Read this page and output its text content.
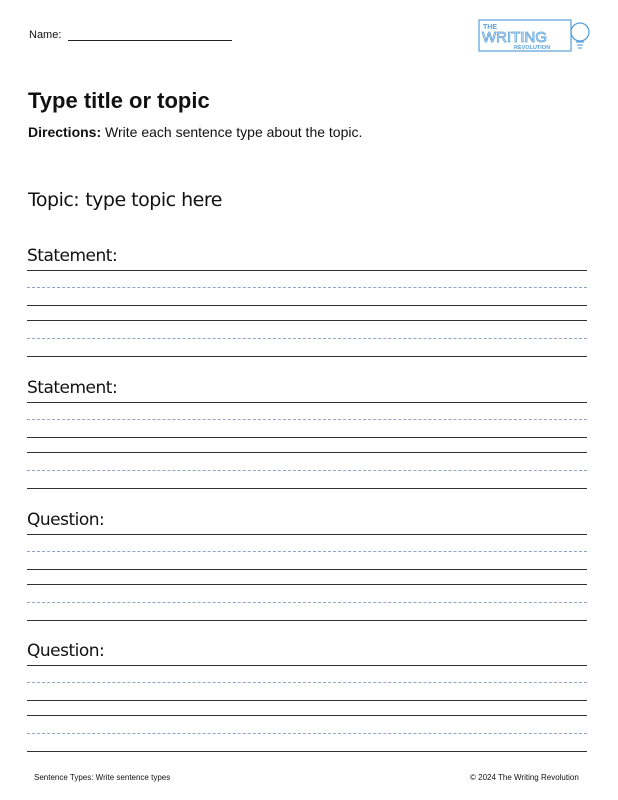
Name:
THE
WRITING
REVOLUTION
Type title or topic
Directions: Write each sentence type about the topic.
Topic: type topic here
Statement:
Statement:
Question:
Question:
Sentence Types: Write sentence types	© 2024 The Writing Revolution
